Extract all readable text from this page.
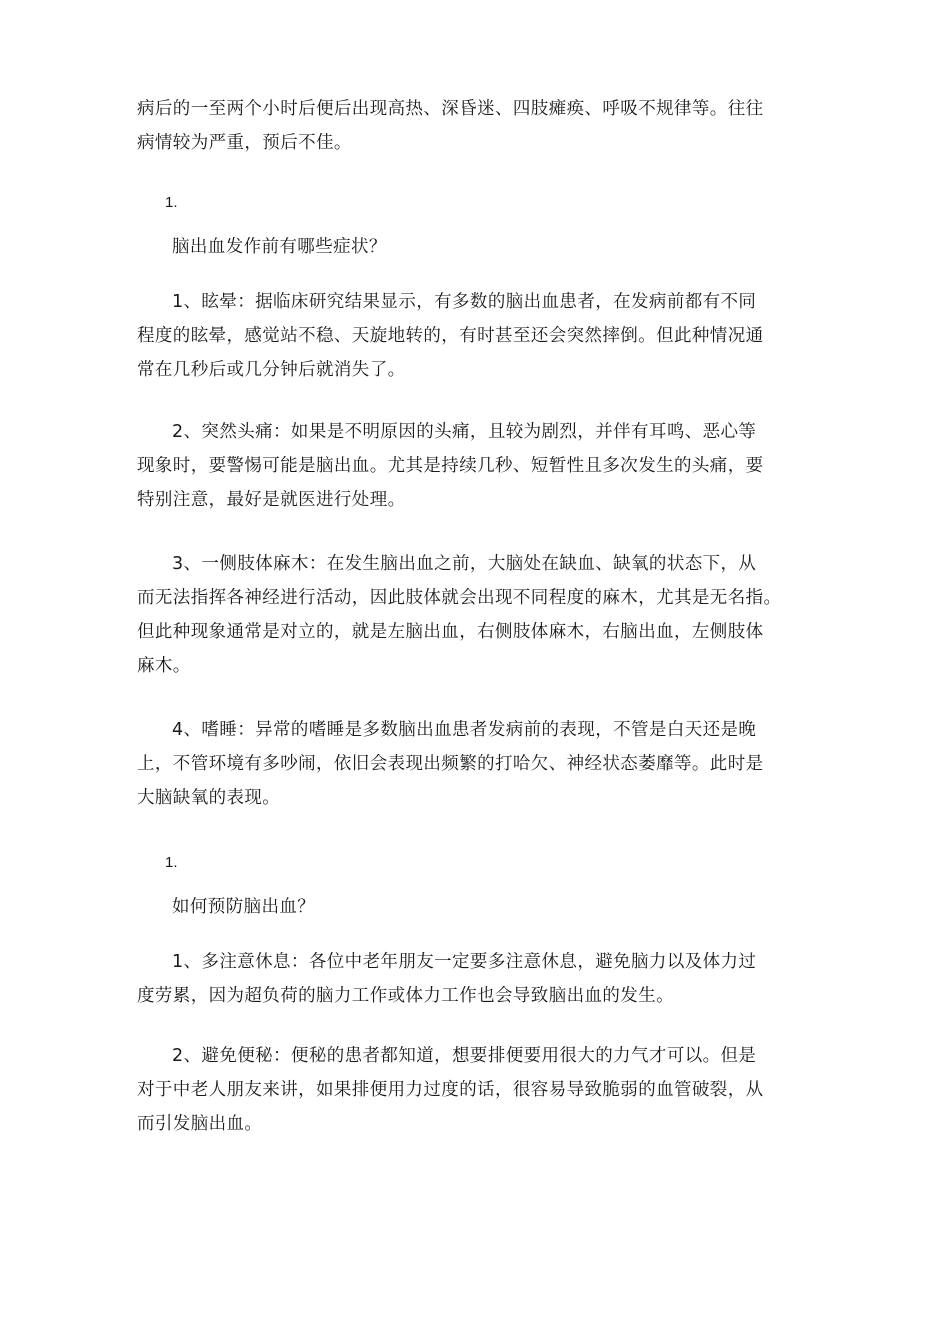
病后的一至两个小时后便后出现高热、深昏迷、四肢瘫痪、呼吸不规律等。往往
病情较为严重，预后不佳。

1.
脑出血发作前有哪些症状？

1、眩晕：据临床研究结果显示，有多数的脑出血患者，在发病前都有不同
程度的眩晕，感觉站不稳、天旋地转的，有时甚至还会突然摔倒。但此种情况通
常在几秒后或几分钟后就消失了。

2、突然头痛：如果是不明原因的头痛，且较为剧烈，并伴有耳鸣、恶心等
现象时，要警惕可能是脑出血。尤其是持续几秒、短暂性且多次发生的头痛，要
特别注意，最好是就医进行处理。

3、一侧肢体麻木：在发生脑出血之前，大脑处在缺血、缺氧的状态下，从
而无法指挥各神经进行活动，因此肢体就会出现不同程度的麻木，尤其是无名指。
但此种现象通常是对立的，就是左脑出血，右侧肢体麻木，右脑出血，左侧肢体
麻木。

4、嗜睡：异常的嗜睡是多数脑出血患者发病前的表现，不管是白天还是晚
上，不管环境有多吵闹，依旧会表现出频繁的打哈欠、神经状态萎靡等。此时是
大脑缺氧的表现。

1.
如何预防脑出血？

1、多注意休息：各位中老年朋友一定要多注意休息，避免脑力以及体力过
度劳累，因为超负荷的脑力工作或体力工作也会导致脑出血的发生。

2、避免便秘：便秘的患者都知道，想要排便要用很大的力气才可以。但是
对于中老人朋友来讲，如果排便用力过度的话，很容易导致脆弱的血管破裂，从
而引发脑出血。
